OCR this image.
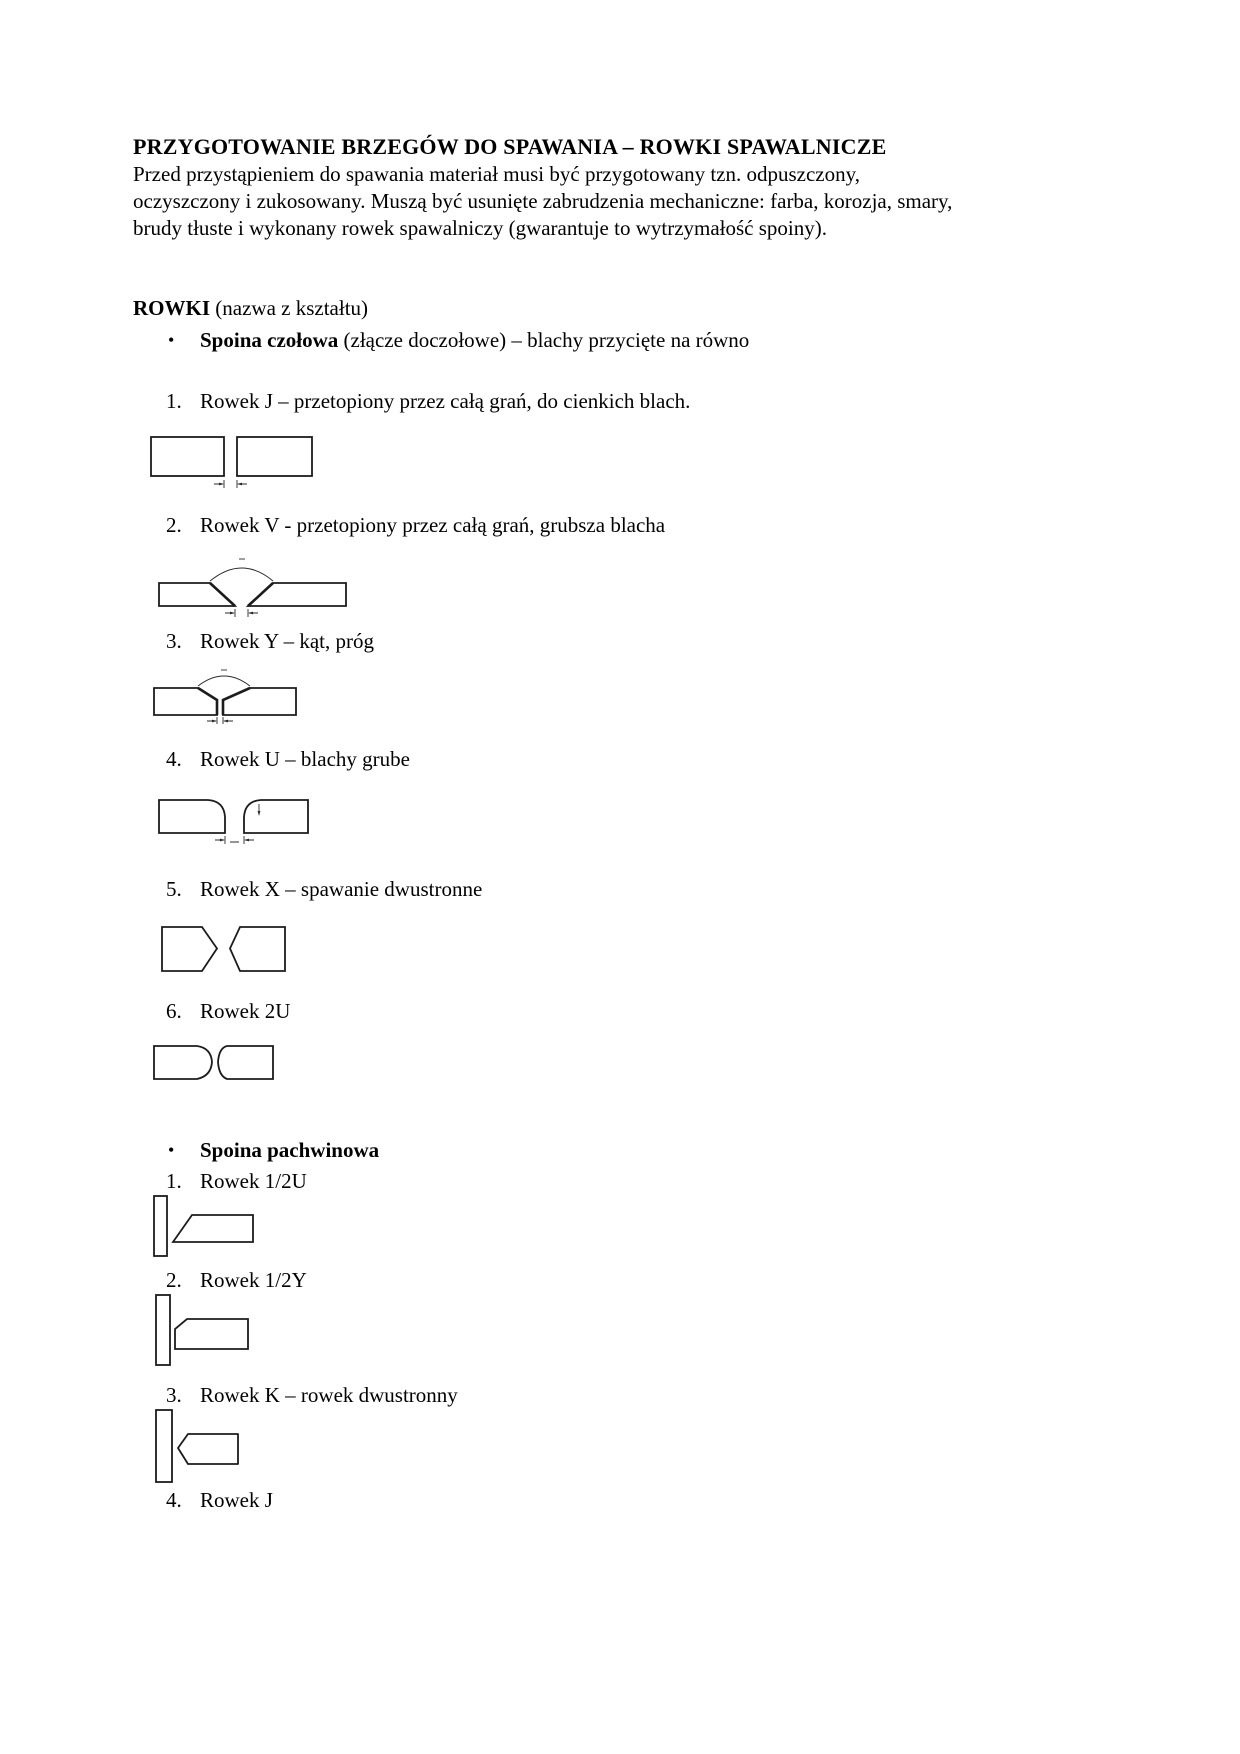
PRZYGOTOWANIE BRZEGÓW DO SPAWANIA – ROWKI SPAWALNICZE
Przed przystąpieniem do spawania materiał musi być przygotowany tzn. odpuszczony, oczyszczony i zukosowany. Muszą być usunięte zabrudzenia mechaniczne: farba, korozja, smary, brudy tłuste i wykonany rowek spawalniczy (gwarantuje to wytrzymałość spoiny).
ROWKI (nazwa z kształtu)
•	Spoina czołowa (złącze doczołowe) – blachy przycięte na równo
1. Rowek J – przetopiony przez całą grań, do cienkich blach.
2. Rowek V - przetopiony przez całą grań, grubsza blacha
3. Rowek Y – kąt, próg
4. Rowek U – blachy grube
5. Rowek X – spawanie dwustronne
6. Rowek 2U
•	Spoina pachwinowa
1. Rowek 1/2U
2. Rowek 1/2Y
3. Rowek K – rowek dwustronny
4. Rowek J
